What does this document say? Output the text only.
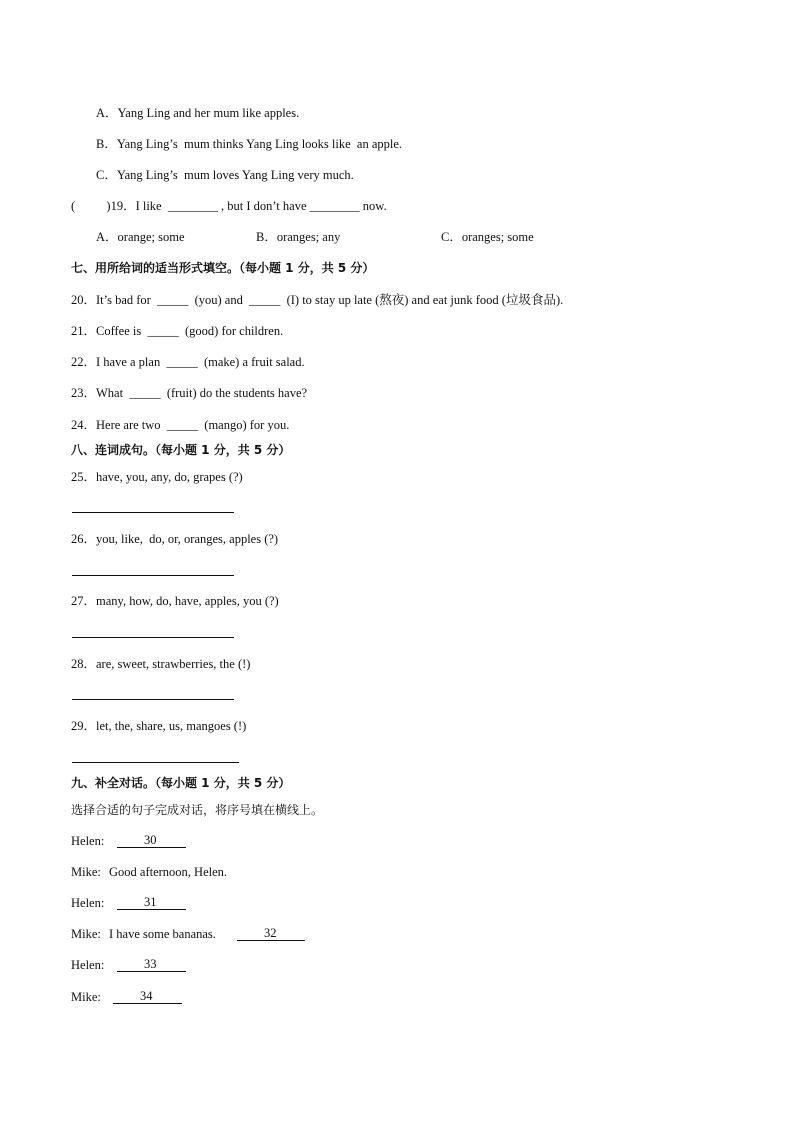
A．Yang Ling and her mum like apples.
B．Yang Ling’s  mum thinks Yang Ling looks like  an apple.
C．Yang Ling’s  mum loves Yang Ling very much.
(          )19．I like  ________ , but I don’t have ________ now.
A．orange; some	B．oranges; any	C．oranges; some
七、用所给词的适当形式填空。（每小题 1 分，共 5 分）
20．It’s bad for  _____  (you) and  _____  (I) to stay up late (熬夜) and eat junk food (垃圾食品).
21．Coffee is  _____  (good) for children.
22．I have a plan  _____  (make) a fruit salad.
23．What  _____  (fruit) do the students have?
24．Here are two  _____  (mango) for you.
八、连词成句。（每小题 1 分，共 5 分）
25．have, you, any, do, grapes (?)
26．you, like,  do, or, oranges, apples (?)
27．many, how, do, have, apples, you (?)
28．are, sweet, strawberries, the (!)
29．let, the, share, us, mangoes (!)
九、补全对话。（每小题 1 分，共 5 分）
选择合适的句子完成对话，将序号填在横线上。
Helen:	30
Mike: Good afternoon, Helen.
Helen:	31
Mike: I have some bananas.	32
Helen:	33
Mike:	34
